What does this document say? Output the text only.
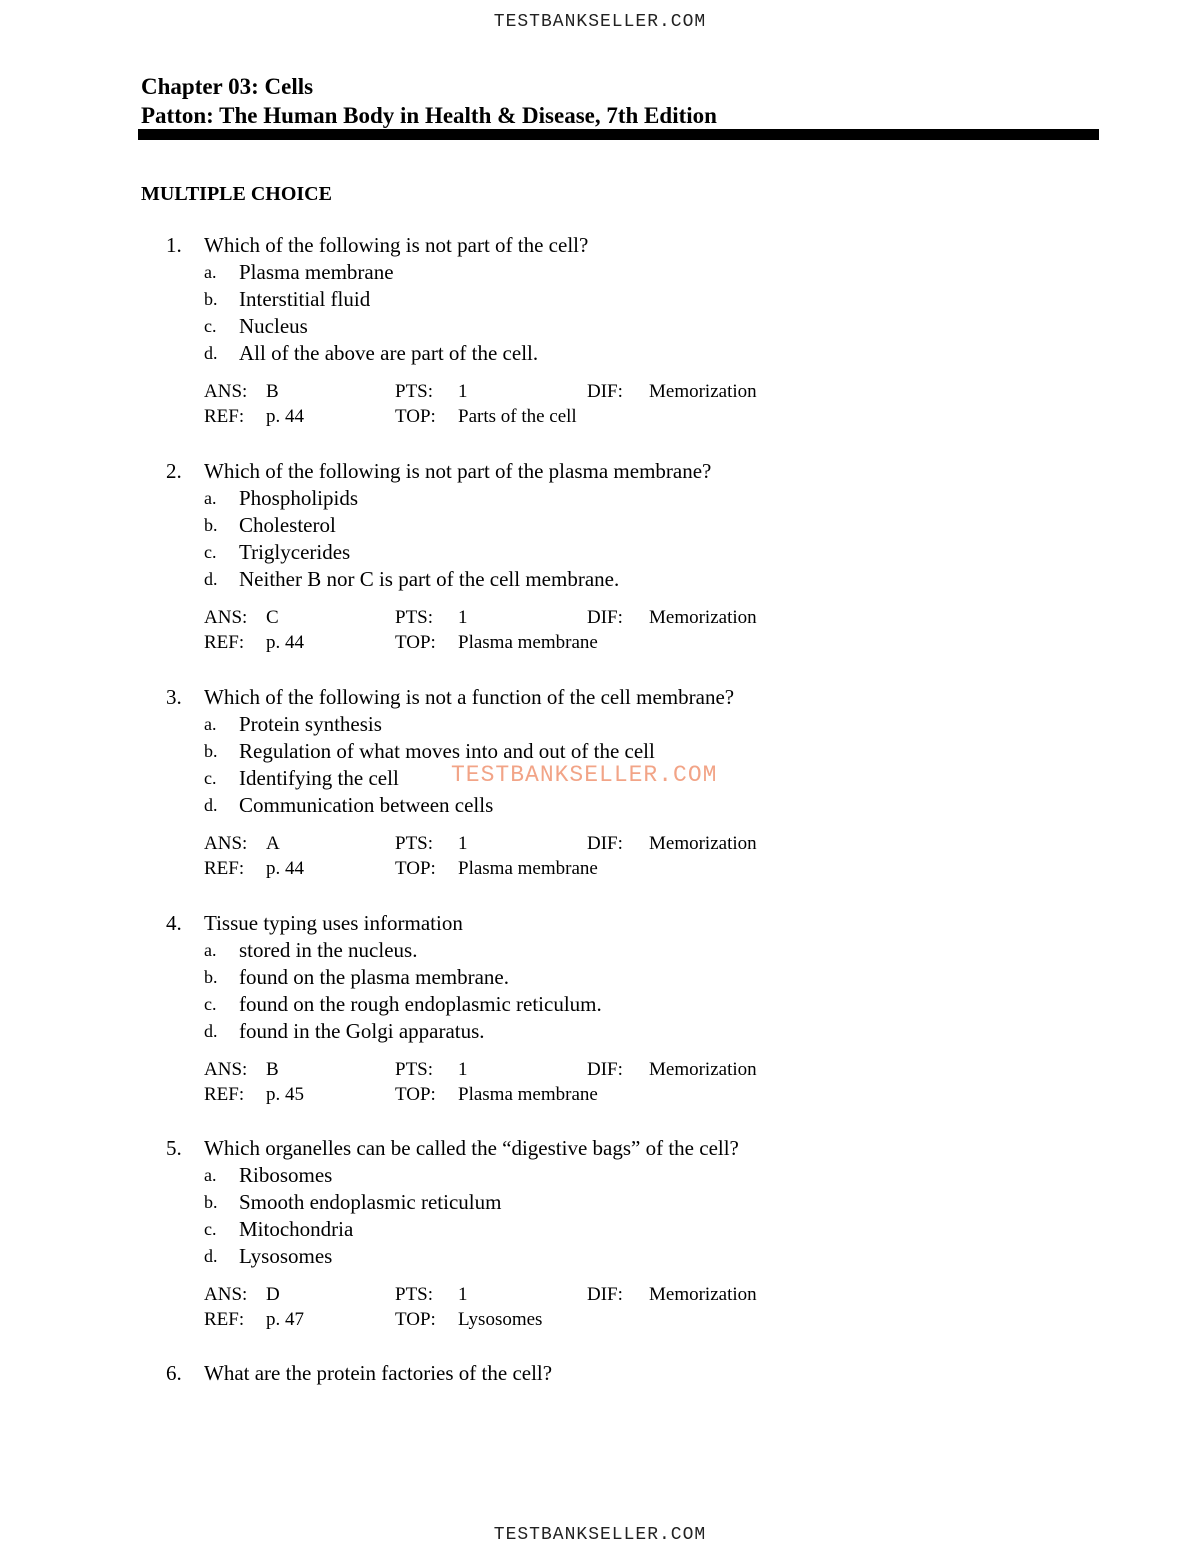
TESTBANKSELLER.COM
Chapter 03: Cells
Patton: The Human Body in Health & Disease, 7th Edition
MULTIPLE CHOICE
1.	Which of the following is not part of the cell?
a.	Plasma membrane
b.	Interstitial fluid
c.	Nucleus
d.	All of the above are part of the cell.
ANS: B	PTS:	1	DIF:	Memorization
REF:	p. 44	TOP:	Parts of the cell
2.	Which of the following is not part of the plasma membrane?
a.	Phospholipids
b.	Cholesterol
c.	Triglycerides
d.	Neither B nor C is part of the cell membrane.
ANS: C	PTS:	1	DIF:	Memorization
REF:	p. 44	TOP:	Plasma membrane
3.	Which of the following is not a function of the cell membrane?
a.	Protein synthesis
b.	Regulation of what moves into and out of the cell
c.	Identifying the cell
d.	Communication between cells
ANS: A	PTS:	1	DIF:	Memorization
REF:	p. 44	TOP:	Plasma membrane
4.	Tissue typing uses information
a.	stored in the nucleus.
b.	found on the plasma membrane.
c.	found on the rough endoplasmic reticulum.
d.	found in the Golgi apparatus.
ANS: B	PTS:	1	DIF:	Memorization
REF:	p. 45	TOP:	Plasma membrane
5.	Which organelles can be called the “digestive bags” of the cell?
a.	Ribosomes
b.	Smooth endoplasmic reticulum
c.	Mitochondria
d.	Lysosomes
ANS: D	PTS:	1	DIF:	Memorization
REF:	p. 47	TOP:	Lysosomes
6.	What are the protein factories of the cell?
TESTBANKSELLER.COM
TESTBANKSELLER.COM
